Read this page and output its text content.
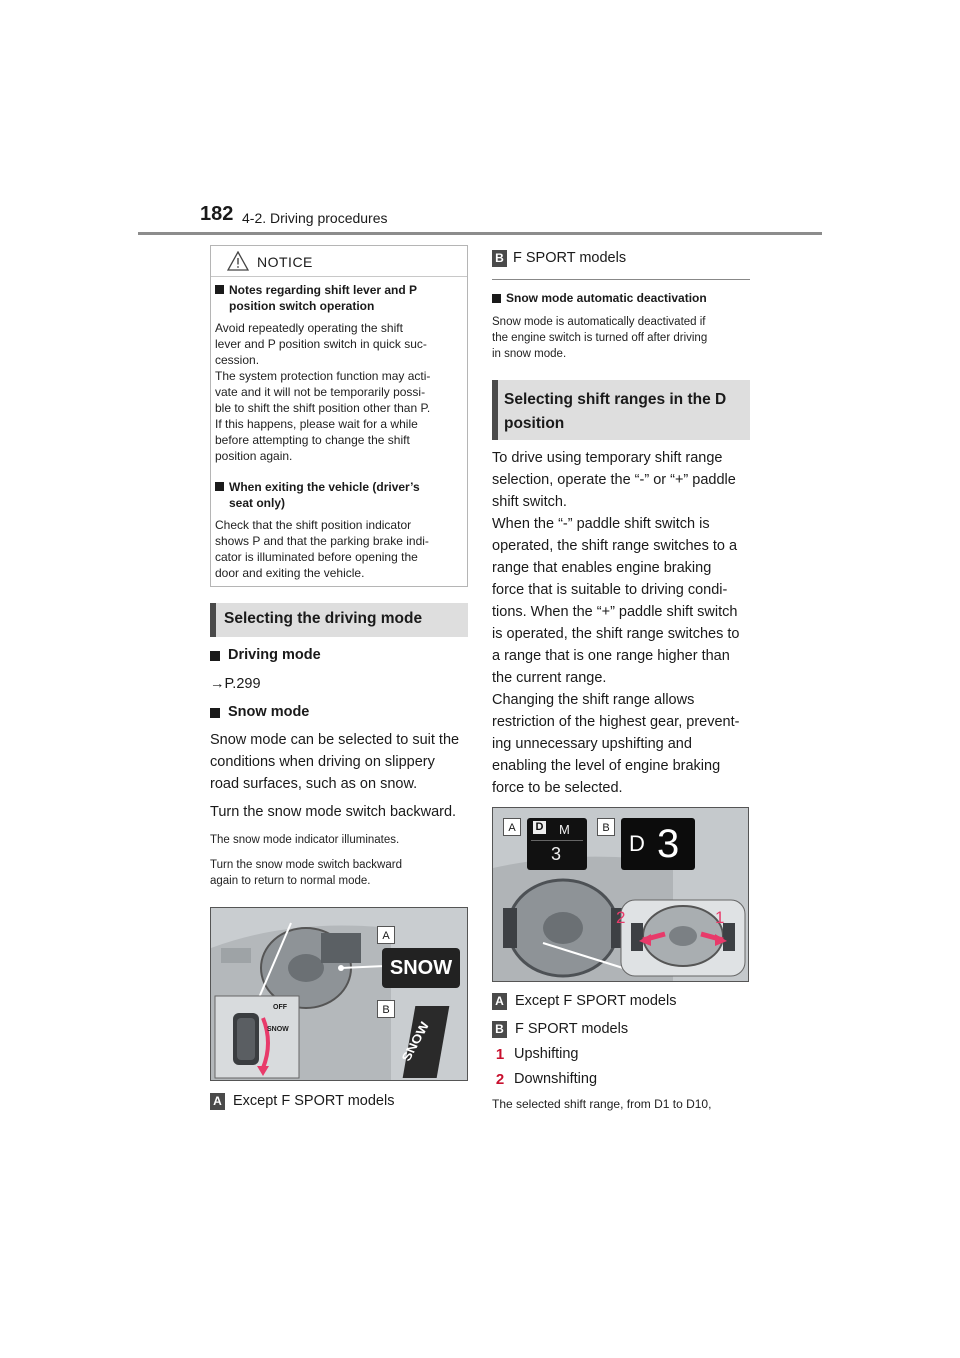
182 4-2. Driving procedures
NOTICE
Notes regarding shift lever and P
position switch operation
Avoid repeatedly operating the shift
lever and P position switch in quick suc-
cession.
The system protection function may acti-
vate and it will not be temporarily possi-
ble to shift the shift position other than P.
If this happens, please wait for a while
before attempting to change the shift
position again.
When exiting the vehicle (driver’s
seat only)
Check that the shift position indicator
shows P and that the parking brake indi-
cator is illuminated before opening the
door and exiting the vehicle.
Selecting the driving mode
Driving mode
→P.299
Snow mode
Snow mode can be selected to suit the
conditions when driving on slippery
road surfaces, such as on snow.
Turn the snow mode switch backward.
The snow mode indicator illuminates.
Turn the snow mode switch backward
again to return to normal mode.
OFF
SNOW
A
B
SNOW
SNOW
A Except F SPORT models
B F SPORT models
Snow mode automatic deactivation
Snow mode is automatically deactivated if
the engine switch is turned off after driving
in snow mode.
Selecting shift ranges in the D
position
To drive using temporary shift range
selection, operate the “-” or “+” paddle
shift switch.
When the “-” paddle shift switch is
operated, the shift range switches to a
range that enables engine braking
force that is suitable to driving condi-
tions. When the “+” paddle shift switch
is operated, the shift range switches to
a range that is one range higher than
the current range.
Changing the shift range allows
restriction of the highest gear, prevent-
ing unnecessary upshifting and
enabling the level of engine braking
force to be selected.
A	B
D M
3	D 3
2	1
A Except F SPORT models
B F SPORT models
1 Upshifting
2 Downshifting
The selected shift range, from D1 to D10,
